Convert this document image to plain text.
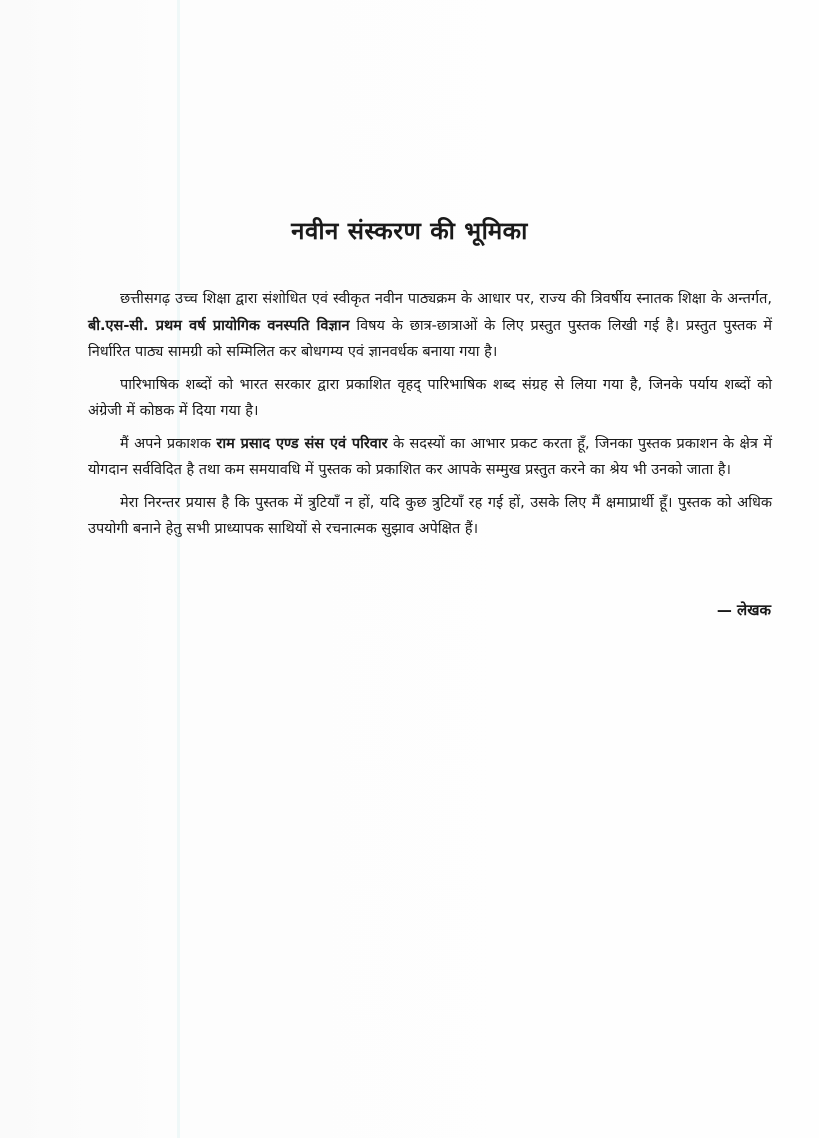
नवीन संस्करण की भूमिका

छत्तीसगढ़ उच्च शिक्षा द्वारा संशोधित एवं स्वीकृत नवीन पाठ्यक्रम के आधार पर, राज्य की त्रिवर्षीय स्नातक शिक्षा के अन्तर्गत, बी.एस-सी. प्रथम वर्ष प्रायोगिक वनस्पति विज्ञान विषय के छात्र-छात्राओं के लिए प्रस्तुत पुस्तक लिखी गई है। प्रस्तुत पुस्तक में निर्धारित पाठ्य सामग्री को सम्मिलित कर बोधगम्य एवं ज्ञानवर्धक बनाया गया है।

पारिभाषिक शब्दों को भारत सरकार द्वारा प्रकाशित वृहद् पारिभाषिक शब्द संग्रह से लिया गया है, जिनके पर्याय शब्दों को अंग्रेजी में कोष्ठक में दिया गया है।

मैं अपने प्रकाशक राम प्रसाद एण्ड संस एवं परिवार के सदस्यों का आभार प्रकट करता हूँ, जिनका पुस्तक प्रकाशन के क्षेत्र में योगदान सर्वविदित है तथा कम समयावधि में पुस्तक को प्रकाशित कर आपके सम्मुख प्रस्तुत करने का श्रेय भी उनको जाता है।

मेरा निरन्तर प्रयास है कि पुस्तक में त्रुटियाँ न हों, यदि कुछ त्रुटियाँ रह गई हों, उसके लिए मैं क्षमाप्रार्थी हूँ। पुस्तक को अधिक उपयोगी बनाने हेतु सभी प्राध्यापक साथियों से रचनात्मक सुझाव अपेक्षित हैं।

— लेखक
